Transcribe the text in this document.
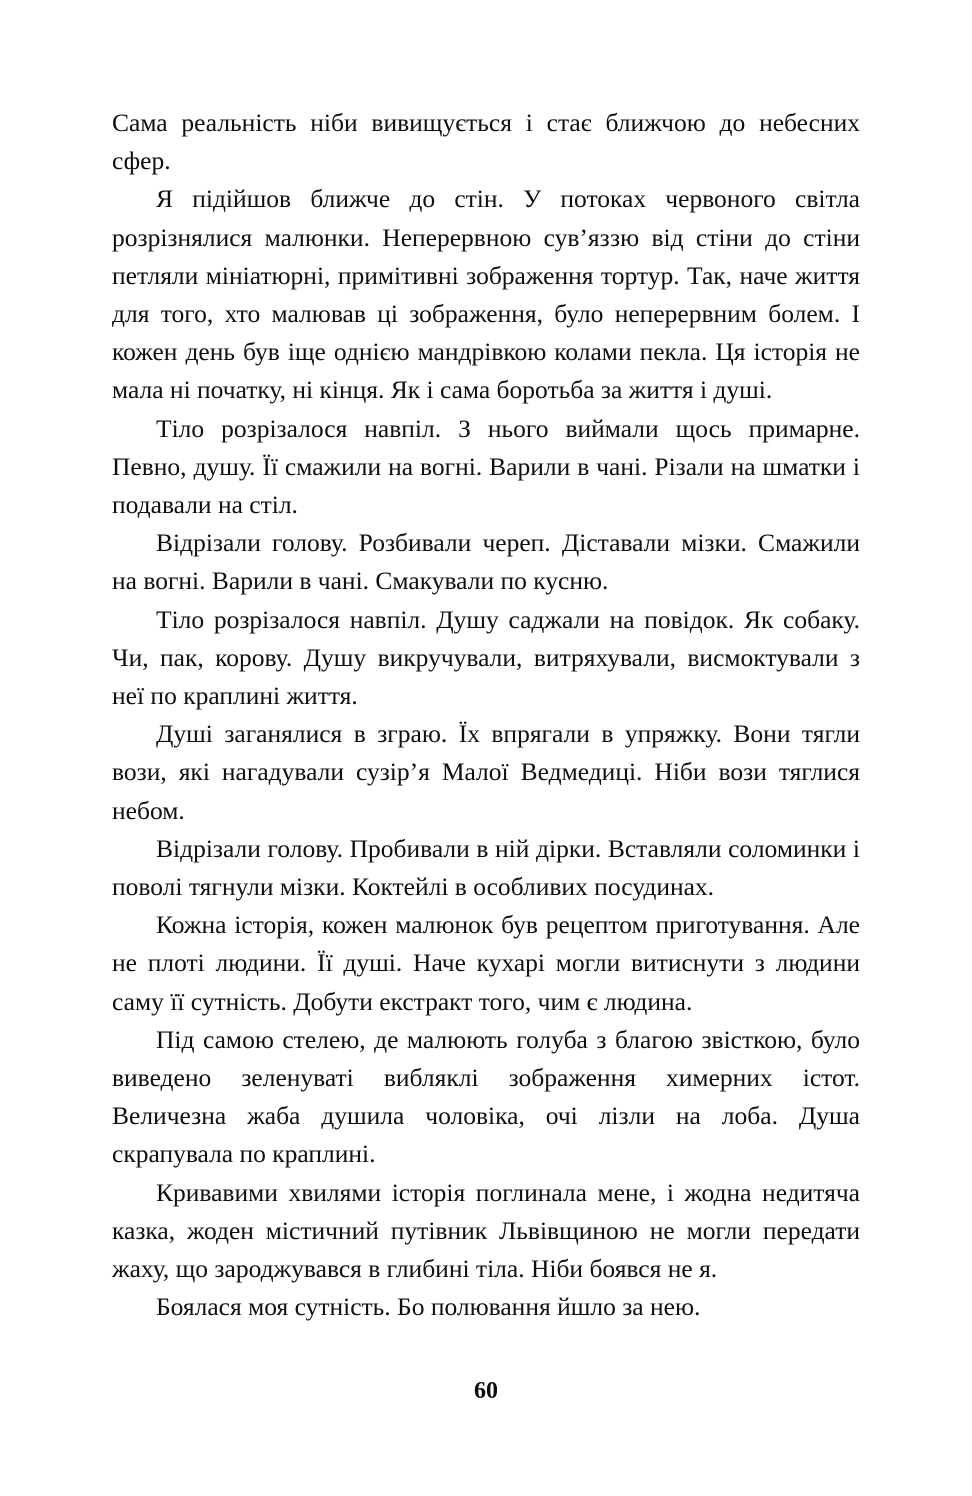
Сама реальність ніби вивищується і стає ближчою до небесних сфер.

Я підійшов ближче до стін. У потоках червоного світла розрізнялися малюнки. Неперервною сув’яззю від стіни до стіни петляли мініатюрні, примітивні зображення тортур. Так, наче життя для того, хто малював ці зображення, було неперервним болем. І кожен день був іще однією мандрівкою колами пекла. Ця історія не мала ні початку, ні кінця. Як і сама боротьба за життя і душі.

Тіло розрізалося навпіл. З нього виймали щось примарне. Певно, душу. Її смажили на вогні. Варили в чані. Різали на шматки і подавали на стіл.

Відрізали голову. Розбивали череп. Діставали мізки. Смажили на вогні. Варили в чані. Смакували по кусню.

Тіло розрізалося навпіл. Душу саджали на повідок. Як собаку. Чи, пак, корову. Душу викручували, витряхували, висмоктували з неї по краплині життя.

Душі заганялися в зграю. Їх впрягали в упряжку. Вони тягли вози, які нагадували сузір’я Малої Ведмедиці. Ніби вози тяглися небом.

Відрізали голову. Пробивали в ній дірки. Вставляли соломинки і поволі тягнули мізки. Коктейлі в особливих посудинах.

Кожна історія, кожен малюнок був рецептом приготування. Але не плоті людини. Її душі. Наче кухарі могли витиснути з людини саму її сутність. Добути екстракт того, чим є людина.

Під самою стелею, де малюють голуба з благою звісткою, було виведено зеленуваті вибляклі зображення химерних істот. Величезна жаба душила чоловіка, очі лізли на лоба. Душа скрапувала по краплині.

Кривавими хвилями історія поглинала мене, і жодна недитяча казка, жоден містичний путівник Львівщиною не могли передати жаху, що зароджувався в глибині тіла. Ніби боявся не я.

Боялася моя сутність. Бо полювання йшло за нею.

60
